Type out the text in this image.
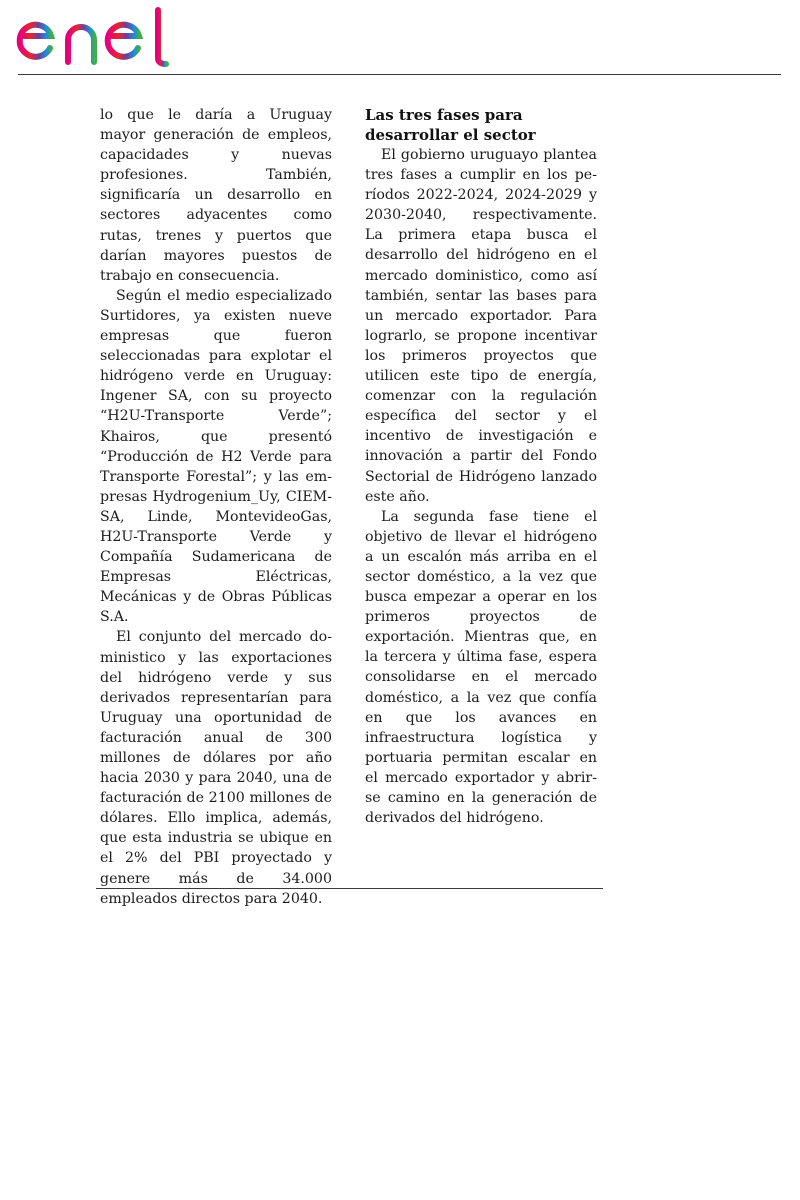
lo que le daría a Uruguay mayor generación de empleos, capacidades y nuevas profesiones. También, significaría un desarrollo en sectores adyacentes como rutas, trenes y puertos que darían mayores puestos de trabajo en consecuencia.

Según el medio especializado Surtidores, ya existen nueve empresas que fueron seleccionadas para explotar el hidrógeno verde en Uruguay: Ingener SA, con su proyecto “H2U-Transporte Verde”; Khairos, que presentó “Producción de H2 Verde para Transporte Forestal”; y las empresas Hydrogenium_Uy, CIEM-SA, Linde, MontevideoGas, H2U-Transporte Verde y Compañía Sudamericana de Empresas Eléctricas, Mecánicas y de Obras Públicas S.A.

El conjunto del mercado doministico y las exportaciones del hidrógeno verde y sus derivados representarían para Uruguay una oportunidad de facturación anual de 300 millones de dólares por año hacia 2030 y para 2040, una de facturación de 2100 millones de dólares. Ello implica, además, que esta industria se ubique en el 2% del PBI proyectado y genere más de 34.000 empleados directos para 2040.

Las tres fases para desarrollar el sector

El gobierno uruguayo plantea tres fases a cumplir en los períodos 2022-2024, 2024-2029 y 2030-2040, respectivamente. La primera etapa busca el desarrollo del hidrógeno en el mercado doministico, como así también, sentar las bases para un mercado exportador. Para lograrlo, se propone incentivar los primeros proyectos que utilicen este tipo de energía, comenzar con la regulación específica del sector y el incentivo de investigación e innovación a partir del Fondo Sectorial de Hidrógeno lanzado este año.

La segunda fase tiene el objetivo de llevar el hidrógeno a un escalón más arriba en el sector doméstico, a la vez que busca empezar a operar en los primeros proyectos de exportación. Mientras que, en la tercera y última fase, espera consolidarse en el mercado doméstico, a la vez que confía en que los avances en infraestructura logística y portuaria permitan escalar en el mercado exportador y abrirse camino en la generación de derivados del hidrógeno.
